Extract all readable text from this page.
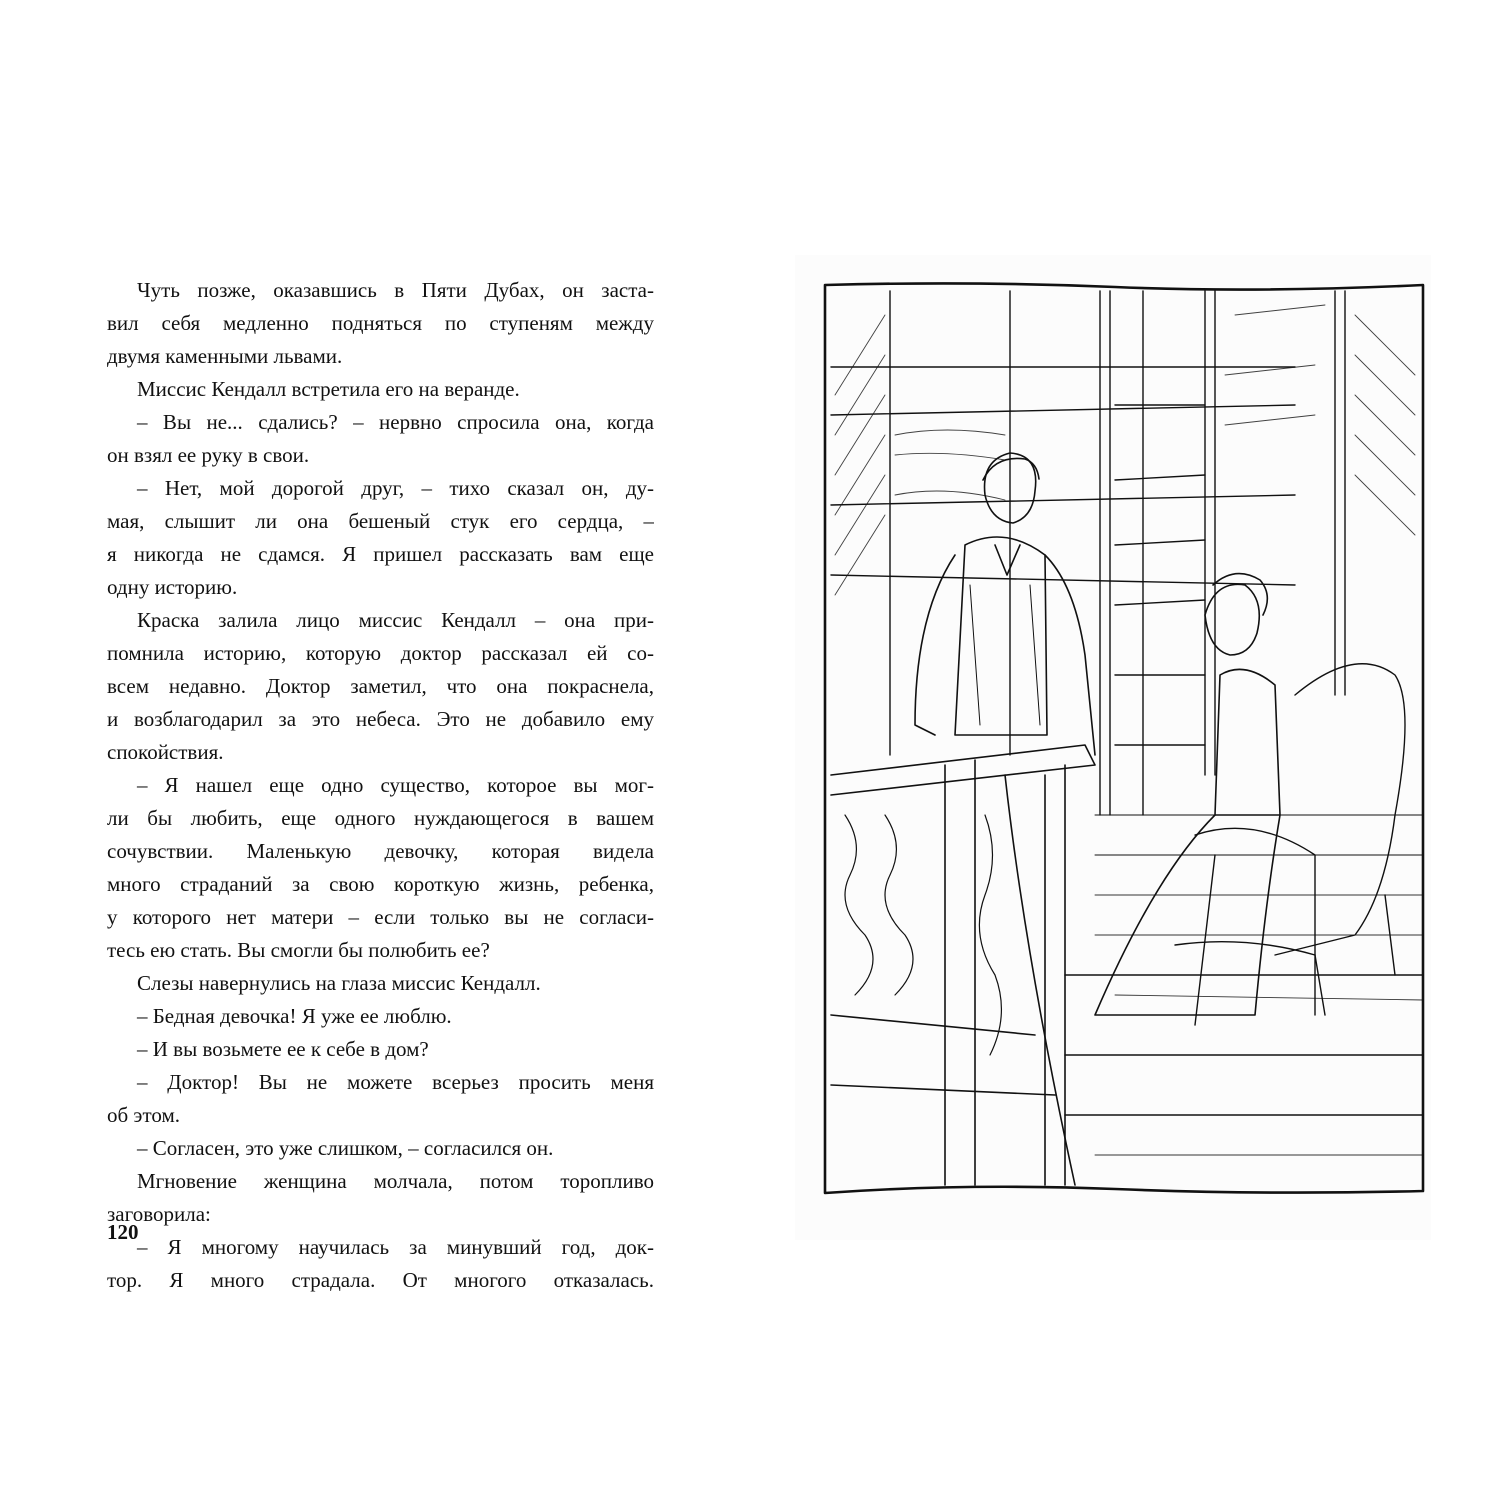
Чуть позже, оказавшись в Пяти Дубах, он заста-
вил себя медленно подняться по ступеням между
двумя каменными львами.
Миссис Кендалл встретила его на веранде.
– Вы не... сдались? – нервно спросила она, когда
он взял ее руку в свои.
– Нет, мой дорогой друг, – тихо сказал он, ду-
мая, слышит ли она бешеный стук его сердца, –
я никогда не сдамся. Я пришел рассказать вам еще
одну историю.
Краска залила лицо миссис Кендалл – она при-
помнила историю, которую доктор рассказал ей со-
всем недавно. Доктор заметил, что она покраснела,
и возблагодарил за это небеса. Это не добавило ему
спокойствия.
– Я нашел еще одно существо, которое вы мог-
ли бы любить, еще одного нуждающегося в вашем
сочувствии. Маленькую девочку, которая видела
много страданий за свою короткую жизнь, ребенка,
у которого нет матери – если только вы не согласи-
тесь ею стать. Вы смогли бы полюбить ее?
Слезы навернулись на глаза миссис Кендалл.
– Бедная девочка! Я уже ее люблю.
– И вы возьмете ее к себе в дом?
– Доктор! Вы не можете всерьез просить меня
об этом.
– Согласен, это уже слишком, – согласился он.
Мгновение женщина молчала, потом торопливо
заговорила:
– Я многому научилась за минувший год, док-
тор. Я много страдала. От многого отказалась.
120
